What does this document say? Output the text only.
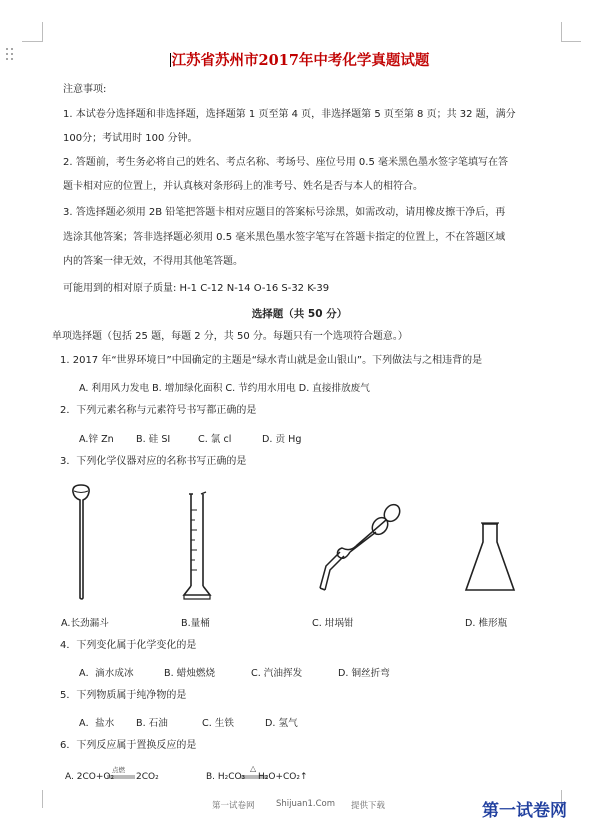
江苏省苏州市2017年中考化学真题试题
注意事项:
1. 本试卷分选择题和非选择题，选择题第 1 页至第 4 页，非选择题第 5 页至第 8 页；共 32 题，满分
100分；考试用时 100 分钟。
2. 答题前，考生务必将自己的姓名、考点名称、考场号、座位号用 0.5 毫米黑色墨水签字笔填写在答
题卡相对应的位置上，并认真核对条形码上的准考号、姓名是否与本人的相符合。
3. 答选择题必须用 2B 铅笔把答题卡相对应题目的答案标号涂黑，如需改动，请用橡皮擦干净后，再
选涂其他答案；答非选择题必须用 0.5 毫米黑色墨水签字笔写在答题卡指定的位置上，不在答题区域
内的答案一律无效，不得用其他笔答题。
可能用到的相对原子质量: H-1 C-12 N-14 O-16 S-32 K-39
选择题（共 50 分）
单项选择题（包括 25 题，每题 2 分，共 50 分。每题只有一个选项符合题意。）
1. 2017 年“世界环境日”中国确定的主题是“绿水青山就是金山银山”。下列做法与之相违背的是
A. 利用风力发电 B. 增加绿化面积 C. 节约用水用电 D. 直接排放废气
2．下列元素名称与元素符号书写都正确的是
A.锌 Zn B. 硅 SI	C. 氯 cl	D. 贡 Hg
3．下列化学仪器对应的名称书写正确的是
A.长劲漏斗	B.量桶	C. 坩埚钳	D. 椎形瓶
4．下列变化属于化学变化的是
A．滴水成冰	B. 蜡烛燃烧	C. 汽油挥发	D. 铜丝折弯
5．下列物质属于纯净物的是
A．盐水 B. 石油	C. 生铁	D. 氢气
6．下列反应属于置换反应的是
A. 2CO+O₂
点燃
2CO₂	B. H₂CO₃
△
H₂O+CO₂↑
第一试卷网	Shijuan1.Com 提供下载	第一试卷网
